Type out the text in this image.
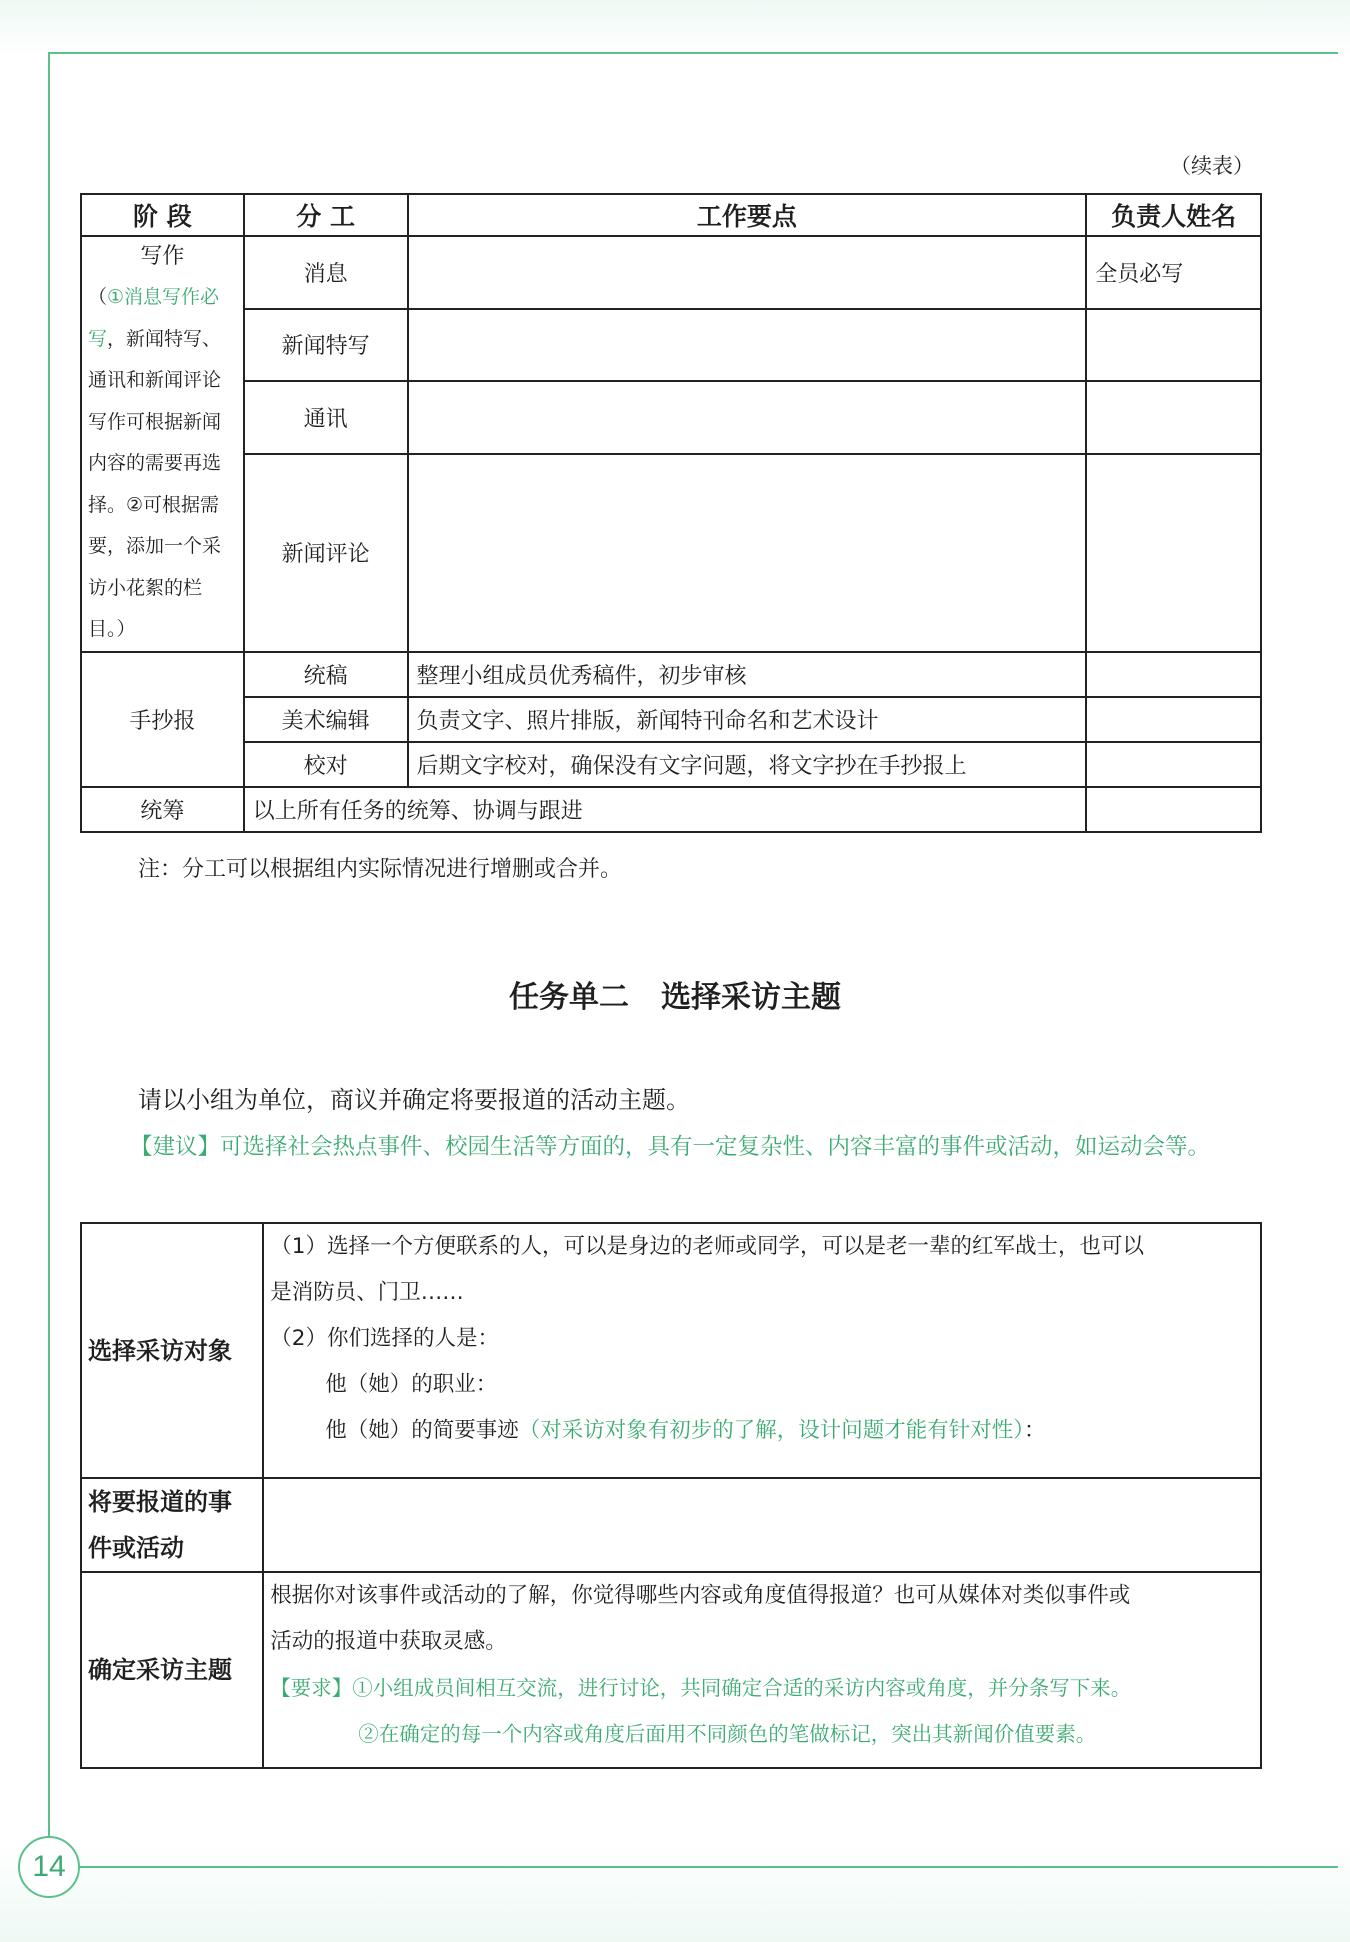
14
（续表）
阶 段	分 工	工作要点	负责人姓名

写作
（①消息写作必写，新闻特写、通讯和新闻评论写作可根据新闻内容的需要再选择。②可根据需要，添加一个采访小花絮的栏目。）	消息		全员必写
	新闻特写		
	通讯		
	新闻评论		
手抄报	统稿	整理小组成员优秀稿件，初步审核	
	美术编辑	负责文字、照片排版，新闻特刊命名和艺术设计	
	校对	后期文字校对，确保没有文字问题，将文字抄在手抄报上	
统筹	以上所有任务的统筹、协调与跟进		
注：分工可以根据组内实际情况进行增删或合并。
任务单二 选择采访主题
请以小组为单位，商议并确定将要报道的活动主题。
【建议】可选择社会热点事件、校园生活等方面的，具有一定复杂性、内容丰富的事件或活动，如运动会等。
选择采访对象	（1）选择一个方便联系的人，可以是身边的老师或同学，可以是老一辈的红军战士，也可以
是消防员、门卫……
（2）你们选择的人是：
他（她）的职业：
他（她）的简要事迹（对采访对象有初步的了解，设计问题才能有针对性）：

将要报道的事
件或活动	

确定采访主题	根据你对该事件或活动的了解，你觉得哪些内容或角度值得报道？也可从媒体对类似事件或
活动的报道中获取灵感。
【要求】①小组成员间相互交流，进行讨论，共同确定合适的采访内容或角度，并分条写下来。
②在确定的每一个内容或角度后面用不同颜色的笔做标记，突出其新闻价值要素。
